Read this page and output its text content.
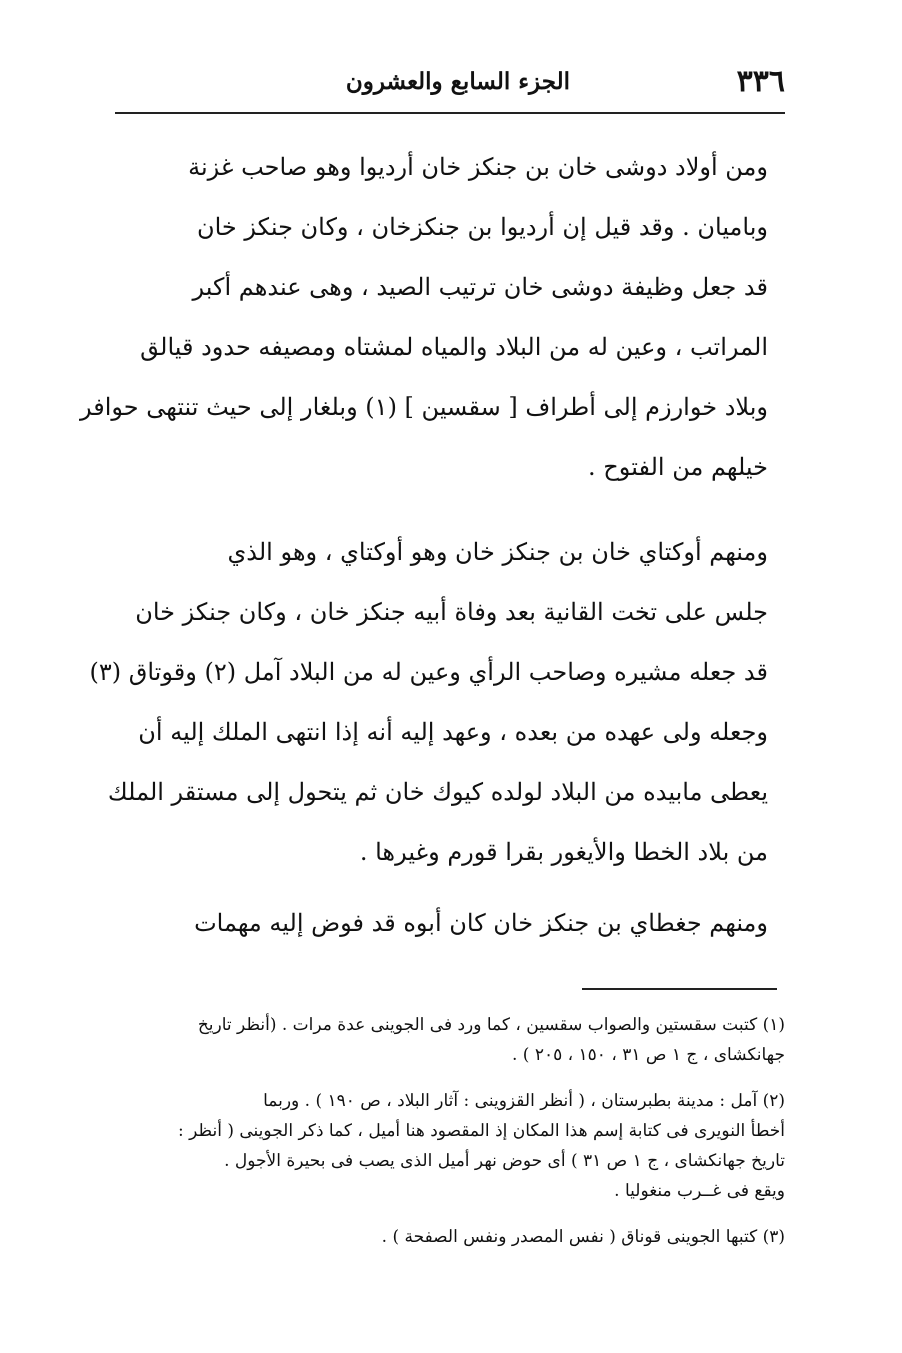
٣٣٦
الجزء السابع والعشرون
ومن أولاد دوشى خان بن جنكز خان أرديوا وهو صاحب غزنة
وباميان . وقد قيل إن أرديوا بن جنكزخان ، وكان جنكز خان
قد جعل وظيفة دوشى خان ترتيب الصيد ، وهى عندهم أكبر
المراتب ، وعين له من البلاد والمياه لمشتاه ومصيفه حدود قيالق
وبلاد خوارزم إلى أطراف [ سقسين ] (١) وبلغار إلى حيث تنتهى حوافر
خيلهم من الفتوح .
ومنهم أوكتاي خان بن جنكز خان وهو أوكتاي ، وهو الذي
جلس على تخت القانية بعد وفاة أبيه جنكز خان ، وكان جنكز خان
قد جعله مشيره وصاحب الرأي وعين له من البلاد آمل (٢) وقوتاق (٣)
وجعله ولى عهده من بعده ، وعهد إليه أنه إذا انتهى الملك إليه أن
يعطى مابيده من البلاد لولده كيوك خان ثم يتحول إلى مستقر الملك
من بلاد الخطا والأيغور بقرا قورم وغيرها .
ومنهم جغطاي بن جنكز خان كان أبوه قد فوض إليه مهمات
(١) كتبت سقستين والصواب سقسين ، كما ورد فى الجوينى عدة مرات . (أنظر تاريخ
جهانكشاى ، ج ١ ص ٣١ ، ١٥٠ ، ٢٠٥ ) .
(٢) آمل : مدينة بطبرستان ، ( أنظر القزوينى : آثار البلاد ، ص ١٩٠ ) . وربما
أخطأ النويرى فى كتابة إسم هذا المكان إذ المقصود هنا أميل ، كما ذكر الجوينى ( أنظر :
تاريخ جهانكشاى ، ج ١ ص ٣١ ) أى حوض نهر أميل الذى يصب فى بحيرة الأجول .
ويقع فى غــرب منغوليا .
(٣) كتبها الجوينى قوناق ( نفس المصدر ونفس الصفحة ) .
